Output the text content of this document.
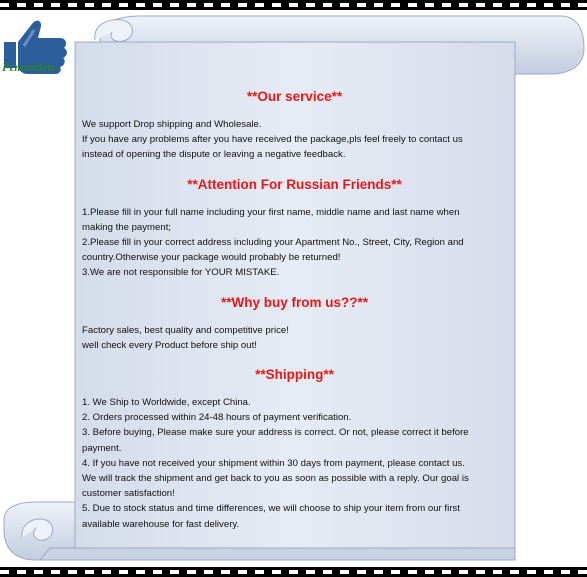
FemonBest

**Our service**

We support Drop shipping and Wholesale.
If you have any problems after you have received the package,pls feel freely to contact us
instead of opening the dispute or leaving a negative feedback.

**Attention For Russian Friends**

1.Please fill in your full name including your first name, middle name and last name when
making the payment;
2.Please fill in your correct address including your Apartment No., Street, City, Region and
country.Otherwise your package would probably be returned!
3.We are not responsible for YOUR MISTAKE.

**Why buy from us??**

Factory sales, best quality and competitive price!
well check every Product before ship out!

**Shipping**

1. We Ship to Worldwide, except China.
2. Orders processed within 24-48 hours of payment verification.
3. Before buying, Please make sure your address is correct. Or not, please correct it before
payment.
4. If you have not received your shipment within 30 days from payment, please contact us.
We will track the shipment and get back to you as soon as possible with a reply. Our goal is
customer satisfaction!
5. Due to stock status and time differences, we will choose to ship your item from our first
available warehouse for fast delivery.
